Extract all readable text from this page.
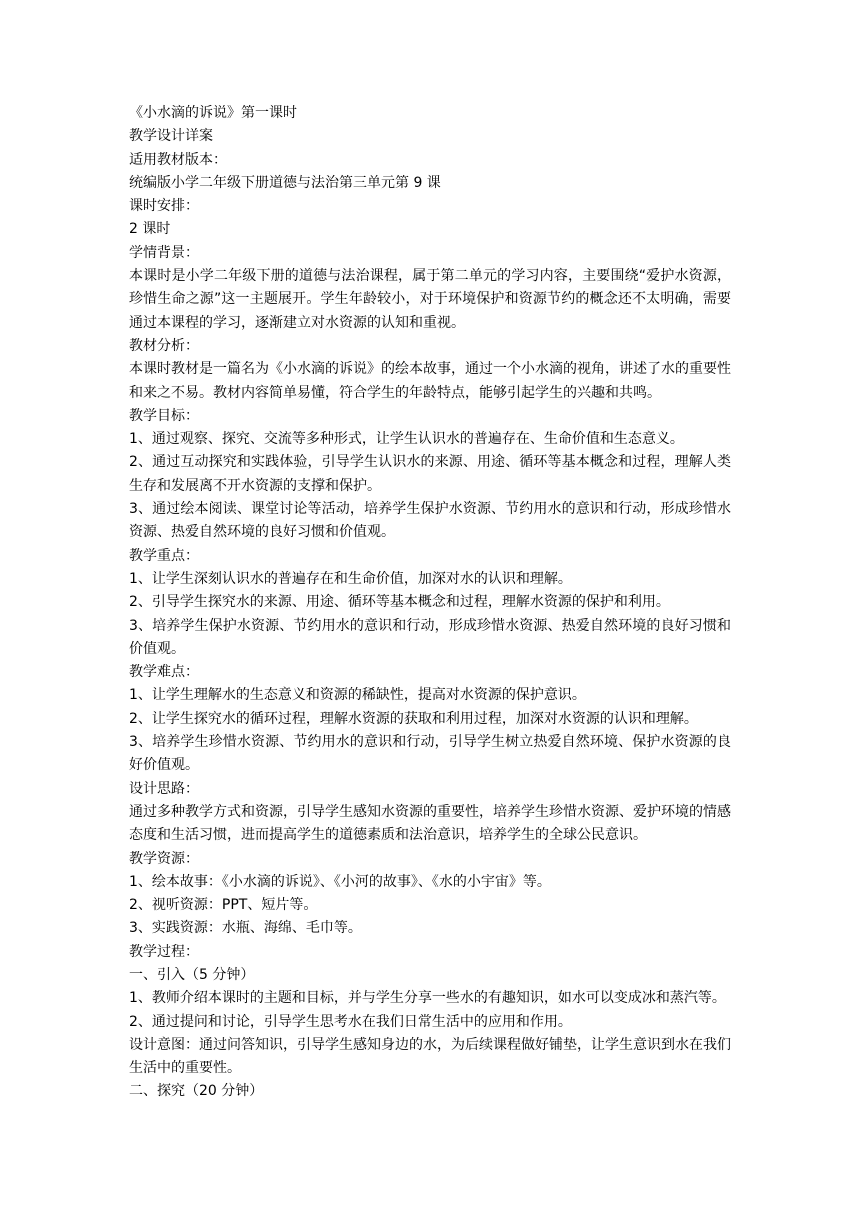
《小水滴的诉说》第一课时

教学设计详案

适用教材版本：

统编版小学二年级下册道德与法治第三单元第 9 课

课时安排：

2 课时

学情背景：

本课时是小学二年级下册的道德与法治课程，属于第二单元的学习内容，主要围绕“爱护水资源，珍惜生命之源”这一主题展开。学生年龄较小，对于环境保护和资源节约的概念还不太明确，需要通过本课程的学习，逐渐建立对水资源的认知和重视。

教材分析：

本课时教材是一篇名为《小水滴的诉说》的绘本故事，通过一个小水滴的视角，讲述了水的重要性和来之不易。教材内容简单易懂，符合学生的年龄特点，能够引起学生的兴趣和共鸣。

教学目标：

1、通过观察、探究、交流等多种形式，让学生认识水的普遍存在、生命价值和生态意义。

2、通过互动探究和实践体验，引导学生认识水的来源、用途、循环等基本概念和过程，理解人类生存和发展离不开水资源的支撑和保护。

3、通过绘本阅读、课堂讨论等活动，培养学生保护水资源、节约用水的意识和行动，形成珍惜水资源、热爱自然环境的良好习惯和价值观。

教学重点：

1、让学生深刻认识水的普遍存在和生命价值，加深对水的认识和理解。

2、引导学生探究水的来源、用途、循环等基本概念和过程，理解水资源的保护和利用。

3、培养学生保护水资源、节约用水的意识和行动，形成珍惜水资源、热爱自然环境的良好习惯和价值观。

教学难点：

1、让学生理解水的生态意义和资源的稀缺性，提高对水资源的保护意识。

2、让学生探究水的循环过程，理解水资源的获取和利用过程，加深对水资源的认识和理解。

3、培养学生珍惜水资源、节约用水的意识和行动，引导学生树立热爱自然环境、保护水资源的良好价值观。

设计思路：

通过多种教学方式和资源，引导学生感知水资源的重要性，培养学生珍惜水资源、爱护环境的情感态度和生活习惯，进而提高学生的道德素质和法治意识，培养学生的全球公民意识。

教学资源：

1、绘本故事：《小水滴的诉说》、《小河的故事》、《水的小宇宙》等。

2、视听资源：PPT、短片等。

3、实践资源：水瓶、海绵、毛巾等。

教学过程：

一、引入（5 分钟）

1、教师介绍本课时的主题和目标，并与学生分享一些水的有趣知识，如水可以变成冰和蒸汽等。

2、通过提问和讨论，引导学生思考水在我们日常生活中的应用和作用。

设计意图：通过问答知识，引导学生感知身边的水，为后续课程做好铺垫，让学生意识到水在我们生活中的重要性。

二、探究（20 分钟）
